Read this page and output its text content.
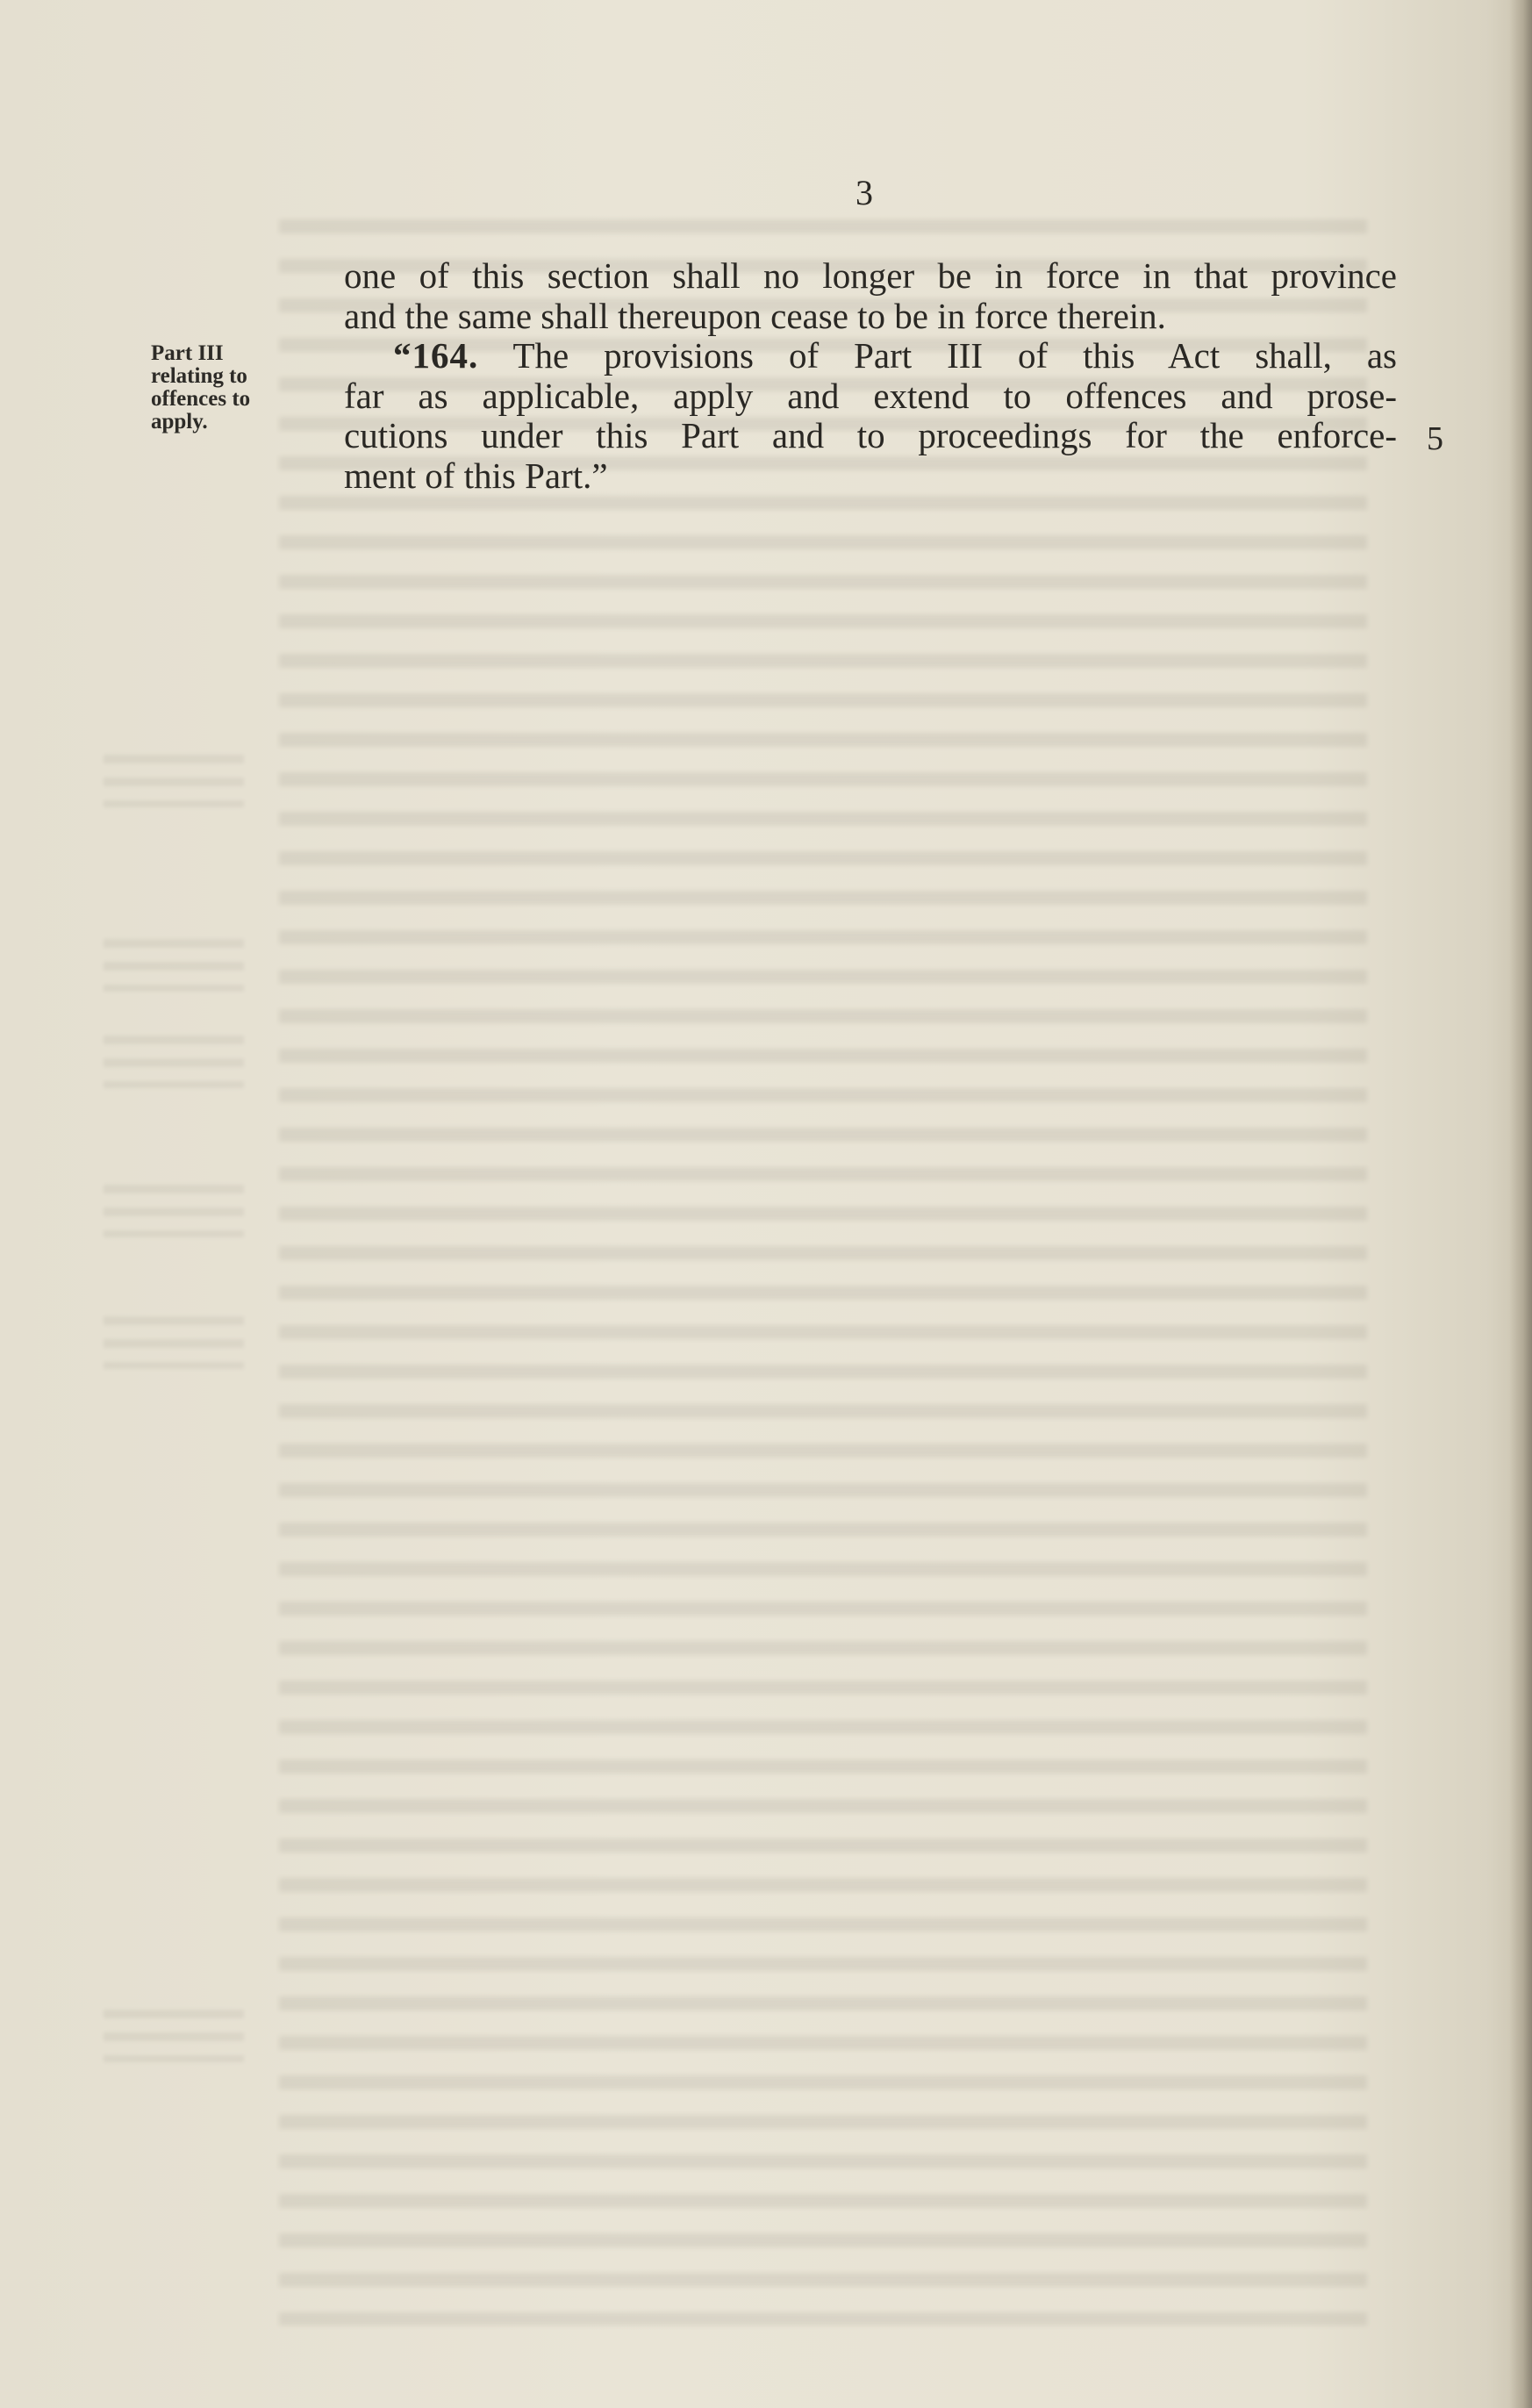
3
Part III
relating to
offences to
apply.
one of this section shall no longer be in force in that province
and the same shall thereupon cease to be in force therein.
“164. The provisions of Part III of this Act shall, as
far as applicable, apply and extend to offences and prose-
cutions under this Part and to proceedings for the enforce-
ment of this Part.”
5
